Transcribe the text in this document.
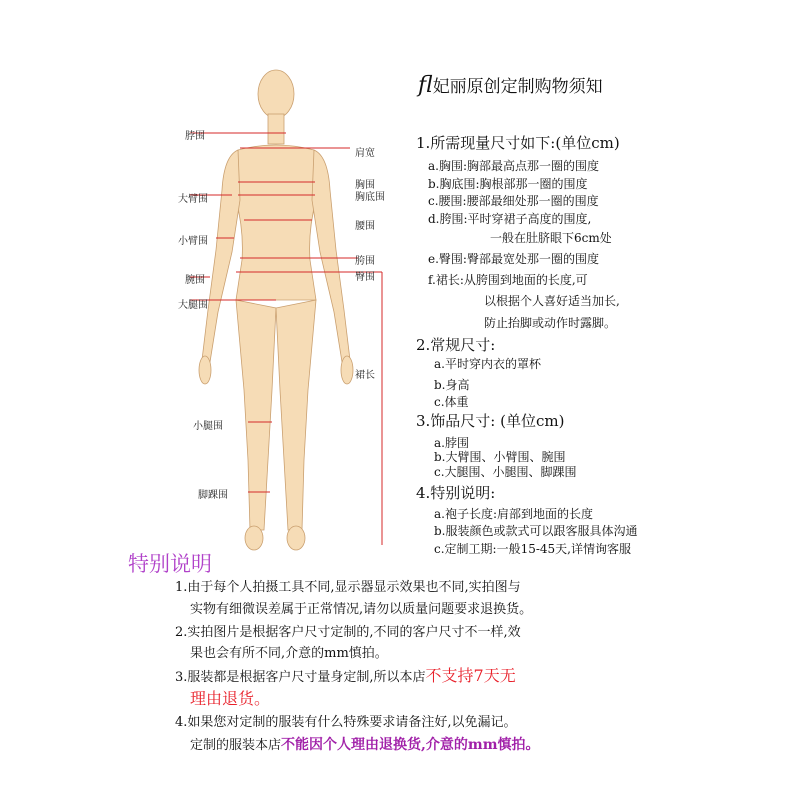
脖围
肩宽
胸围
胸底围
大臂围
腰围
小臂围
胯围
臀围
腕围
大腿围
裙长
小腿围
脚踝围
fl妃丽原创定制购物须知
1.所需现量尺寸如下:(单位cm)
a.胸围:胸部最高点那一圈的围度
b.胸底围:胸根部那一圈的围度
c.腰围:腰部最细处那一圈的围度
d.胯围:平时穿裙子高度的围度,
一般在肚脐眼下6cm处
e.臀围:臀部最宽处那一圈的围度
f.裙长:从胯围到地面的长度,可
以根据个人喜好适当加长,
防止抬脚或动作时露脚。
2.常规尺寸:
a.平时穿内衣的罩杯
b.身高
c.体重
3.饰品尺寸: (单位cm)
a.脖围
b.大臂围、小臂围、腕围
c.大腿围、小腿围、脚踝围
4.特别说明:
a.袍子长度:肩部到地面的长度
b.服装颜色或款式可以跟客服具体沟通
c.定制工期:一般15-45天,详情询客服
特别说明
1.由于每个人拍摄工具不同,显示器显示效果也不同,实拍图与
实物有细微误差属于正常情况,请勿以质量问题要求退换货。
2.实拍图片是根据客户尺寸定制的,不同的客户尺寸不一样,效
果也会有所不同,介意的mm慎拍。
3.服装都是根据客户尺寸量身定制,所以本店不支持7天无
理由退货。
4.如果您对定制的服装有什么特殊要求请备注好,以免漏记。
定制的服装本店不能因个人理由退换货,介意的mm慎拍。
